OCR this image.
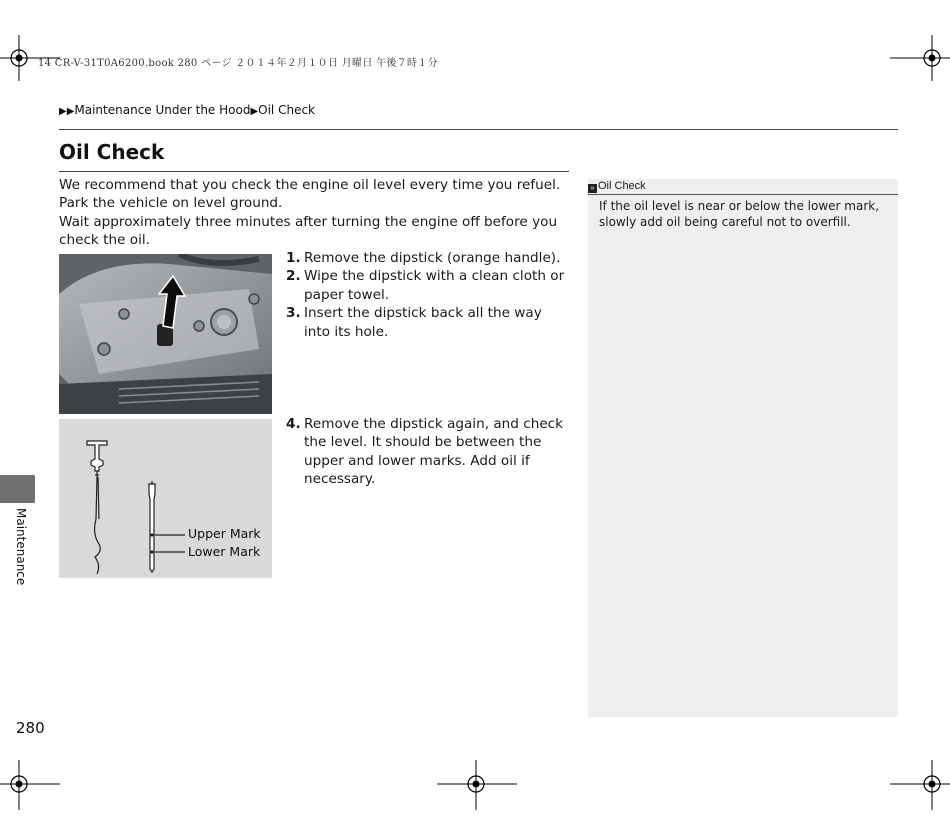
14 CR-V-31T0A6200.book 280 ページ ２０１４年２月１０日 月曜日 午後７時１分
▶▶Maintenance Under the Hood▶Oil Check
Oil Check

We recommend that you check the engine oil level every time you refuel.

Park the vehicle on level ground.

Wait approximately three minutes after turning the engine off before you check the oil.

Upper Mark
Lower Mark
1. Remove the dipstick (orange handle).
2. Wipe the dipstick with a clean cloth or paper towel.
3. Insert the dipstick back all the way into its hole.
4. Remove the dipstick again, and check the level. It should be between the upper and lower marks. Add oil if necessary.
» Oil Check
If the oil level is near or below the lower mark, slowly add oil being careful not to overfill.
Maintenance
280
